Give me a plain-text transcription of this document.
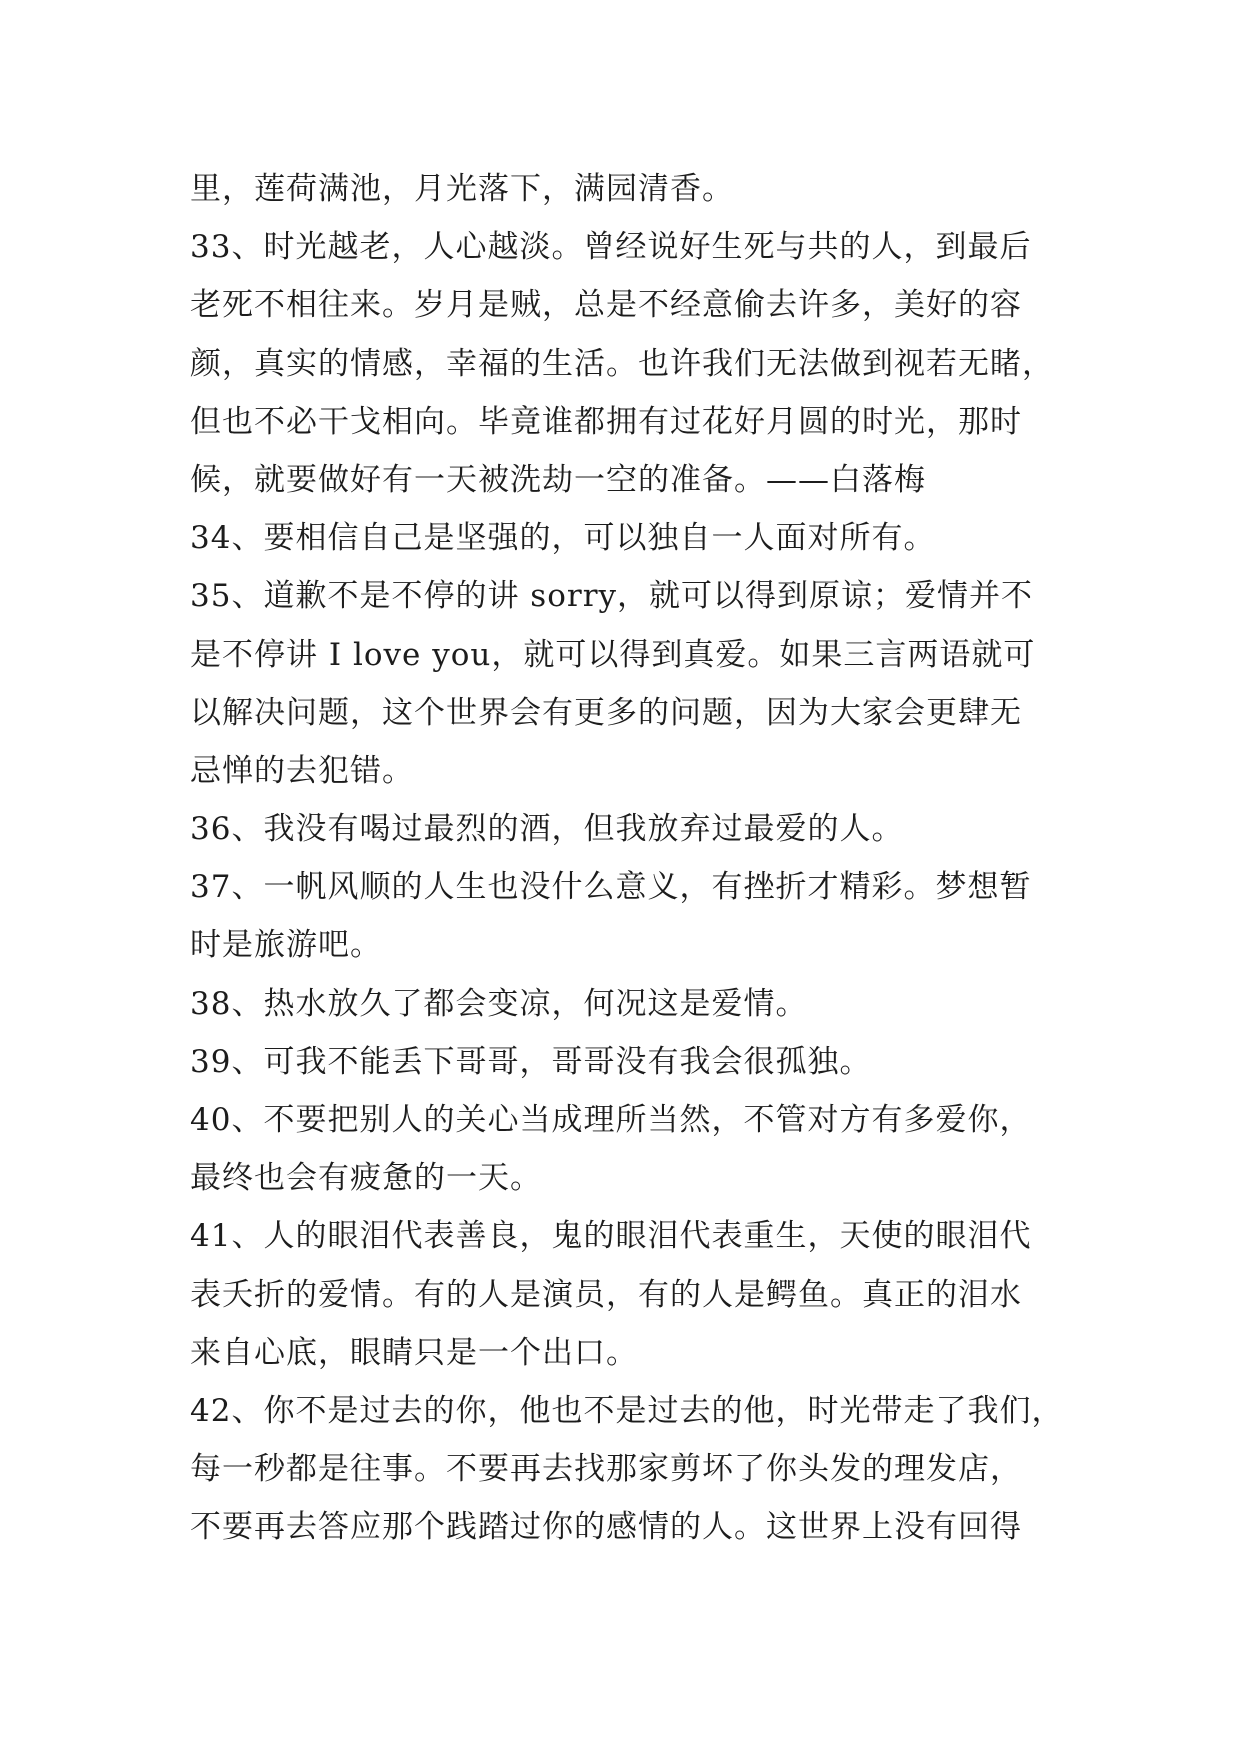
里，莲荷满池，月光落下，满园清香。
33、时光越老，人心越淡。曾经说好生死与共的人，到最后
老死不相往来。岁月是贼，总是不经意偷去许多，美好的容
颜，真实的情感，幸福的生活。也许我们无法做到视若无睹，
但也不必干戈相向。毕竟谁都拥有过花好月圆的时光，那时
候，就要做好有一天被洗劫一空的准备。——白落梅
34、要相信自己是坚强的，可以独自一人面对所有。
35、道歉不是不停的讲 sorry，就可以得到原谅；爱情并不
是不停讲 I love you，就可以得到真爱。如果三言两语就可
以解决问题，这个世界会有更多的问题，因为大家会更肆无
忌惮的去犯错。
36、我没有喝过最烈的酒，但我放弃过最爱的人。
37、一帆风顺的人生也没什么意义，有挫折才精彩。梦想暂
时是旅游吧。
38、热水放久了都会变凉，何况这是爱情。
39、可我不能丢下哥哥，哥哥没有我会很孤独。
40、不要把别人的关心当成理所当然，不管对方有多爱你，
最终也会有疲惫的一天。
41、人的眼泪代表善良，鬼的眼泪代表重生，天使的眼泪代
表夭折的爱情。有的人是演员，有的人是鳄鱼。真正的泪水
来自心底，眼睛只是一个出口。
42、你不是过去的你，他也不是过去的他，时光带走了我们，
每一秒都是往事。不要再去找那家剪坏了你头发的理发店，
不要再去答应那个践踏过你的感情的人。这世界上没有回得
